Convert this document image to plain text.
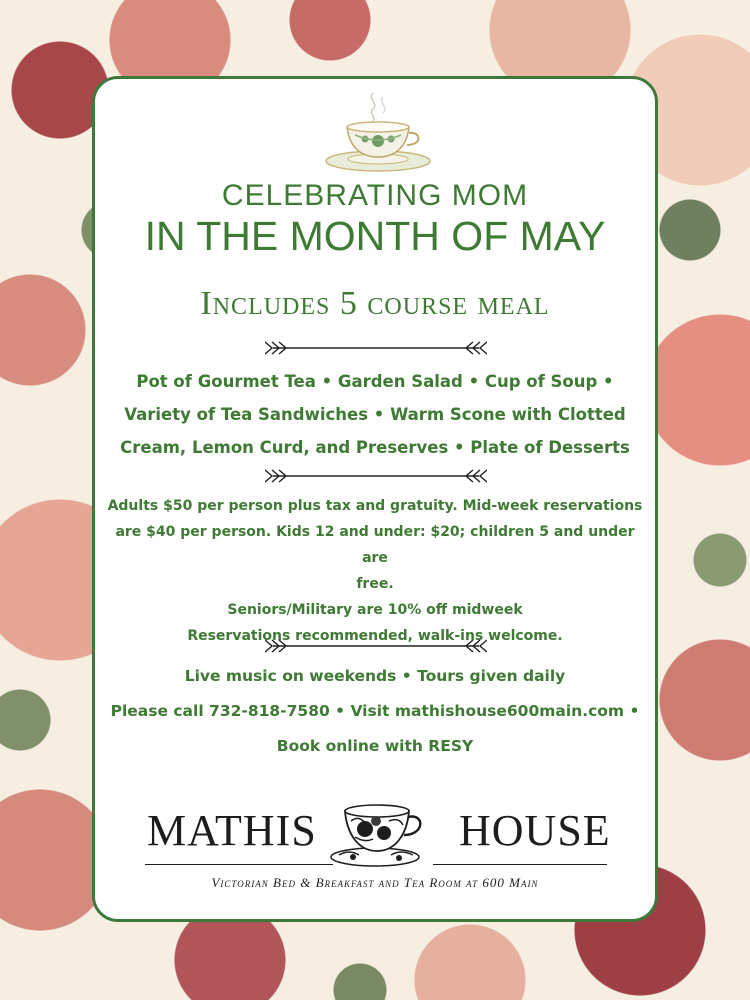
CELEBRATING MOM
IN THE MONTH OF MAY
Includes 5 course meal
Pot of Gourmet Tea • Garden Salad • Cup of Soup •
Variety of Tea Sandwiches • Warm Scone with Clotted
Cream, Lemon Curd, and Preserves • Plate of Desserts
Adults $50 per person plus tax and gratuity. Mid-week reservations
are $40 per person. Kids 12 and under: $20; children 5 and under are
free.
Seniors/Military are 10% off midweek
Reservations recommended, walk-ins welcome.
Live music on weekends • Tours given daily
Please call 732-818-7580 • Visit mathishouse600main.com •
Book online with RESY
MATHIS	HOUSE
Victorian Bed & Breakfast and Tea Room at 600 Main
